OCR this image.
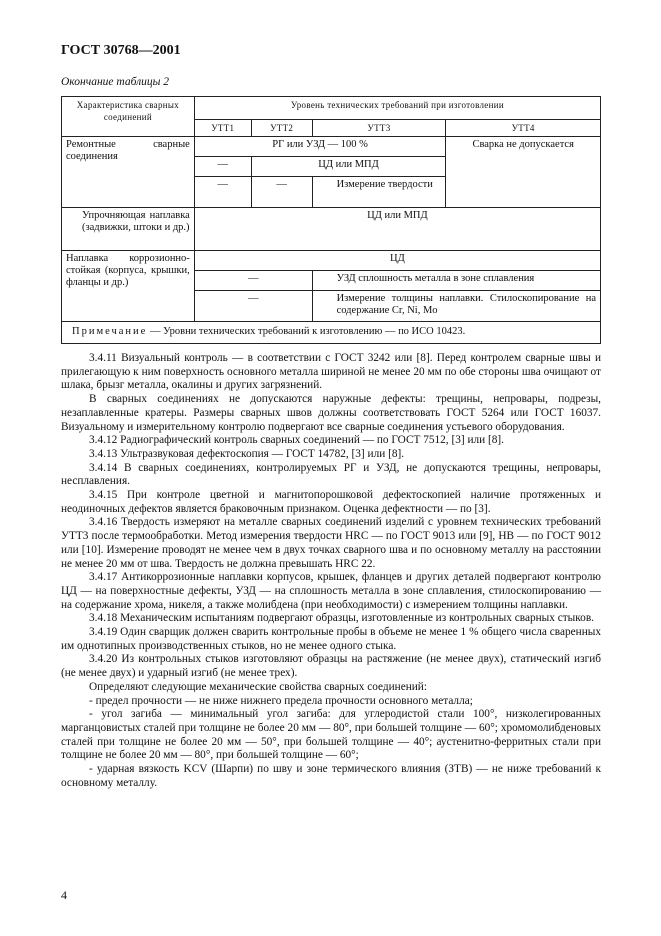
ГОСТ 30768—2001
Окончание таблицы 2
Характеристика сварных соединений	Уровень технических требований при изготовлении			
	УТТ1	УТТ2	УТТ3	УТТ4
Ремонтные сварные соединения	РГ или УЗД — 100 %			Сварка не допускается
	—	ЦД или МПД		
	—	—	Измерение твердости	
Упрочняющая наплавка (задвижки, штоки и др.)	ЦД или МПД			
Наплавка коррозионно-стойкая (корпуса, крышки, фланцы и др.)	ЦД			
	—		УЗД сплошность металла в зоне сплавления	
	—		Измерение толщины наплавки. Стилоскопирование на содержание Cr, Ni, Mo	
Примечание — Уровни технических требований к изготовлению — по ИСО 10423.				

3.4.11 Визуальный контроль — в соответствии с ГОСТ 3242 или [8]. Перед контролем сварные швы и прилегающую к ним поверхность основного металла шириной не менее 20 мм по обе стороны шва очищают от шлака, брызг металла, окалины и других загрязнений.

В сварных соединениях не допускаются наружные дефекты: трещины, непровары, подрезы, незаплавленные кратеры. Размеры сварных швов должны соответствовать ГОСТ 5264 или ГОСТ 16037. Визуальному и измерительному контролю подвергают все сварные соединения устьевого оборудования.

3.4.12 Радиографический контроль сварных соединений — по ГОСТ 7512, [3] или [8].

3.4.13 Ультразвуковая дефектоскопия — ГОСТ 14782, [3] или [8].

3.4.14 В сварных соединениях, контролируемых РГ и УЗД, не допускаются трещины, непровары, несплавления.

3.4.15 При контроле цветной и магнитопорошковой дефектоскопией наличие протяженных и неодиночных дефектов является браковочным признаком. Оценка дефектности — по [3].

3.4.16 Твердость измеряют на металле сварных соединений изделий с уровнем технических требований УТТ3 после термообработки. Метод измерения твердости HRC — по ГОСТ 9013 или [9], HB — по ГОСТ 9012 или [10]. Измерение проводят не менее чем в двух точках сварного шва и по основному металлу на расстоянии не менее 20 мм от шва. Твердость не должна превышать HRC 22.

3.4.17 Антикоррозионные наплавки корпусов, крышек, фланцев и других деталей подвергают контролю ЦД — на поверхностные дефекты, УЗД — на сплошность металла в зоне сплавления, стилоскопированию — на содержание хрома, никеля, а также молибдена (при необходимости) с измерением толщины наплавки.

3.4.18 Механическим испытаниям подвергают образцы, изготовленные из контрольных сварных стыков.

3.4.19 Один сварщик должен сварить контрольные пробы в объеме не менее 1 % общего числа сваренных им однотипных производственных стыков, но не менее одного стыка.

3.4.20 Из контрольных стыков изготовляют образцы на растяжение (не менее двух), статический изгиб (не менее двух) и ударный изгиб (не менее трех).

Определяют следующие механические свойства сварных соединений:

- предел прочности — не ниже нижнего предела прочности основного металла;

- угол загиба — минимальный угол загиба: для углеродистой стали 100°, низколегированных марганцовистых сталей при толщине не более 20 мм — 80°, при большей толщине — 60°; хромомолибденовых сталей при толщине не более 20 мм — 50°, при большей толщине — 40°; аустенитно-ферритных стали при толщине не более 20 мм — 80°, при большей толщине — 60°;

- ударная вязкость KCV (Шарпи) по шву и зоне термического влияния (ЗТВ) — не ниже требований к основному металлу.

4
